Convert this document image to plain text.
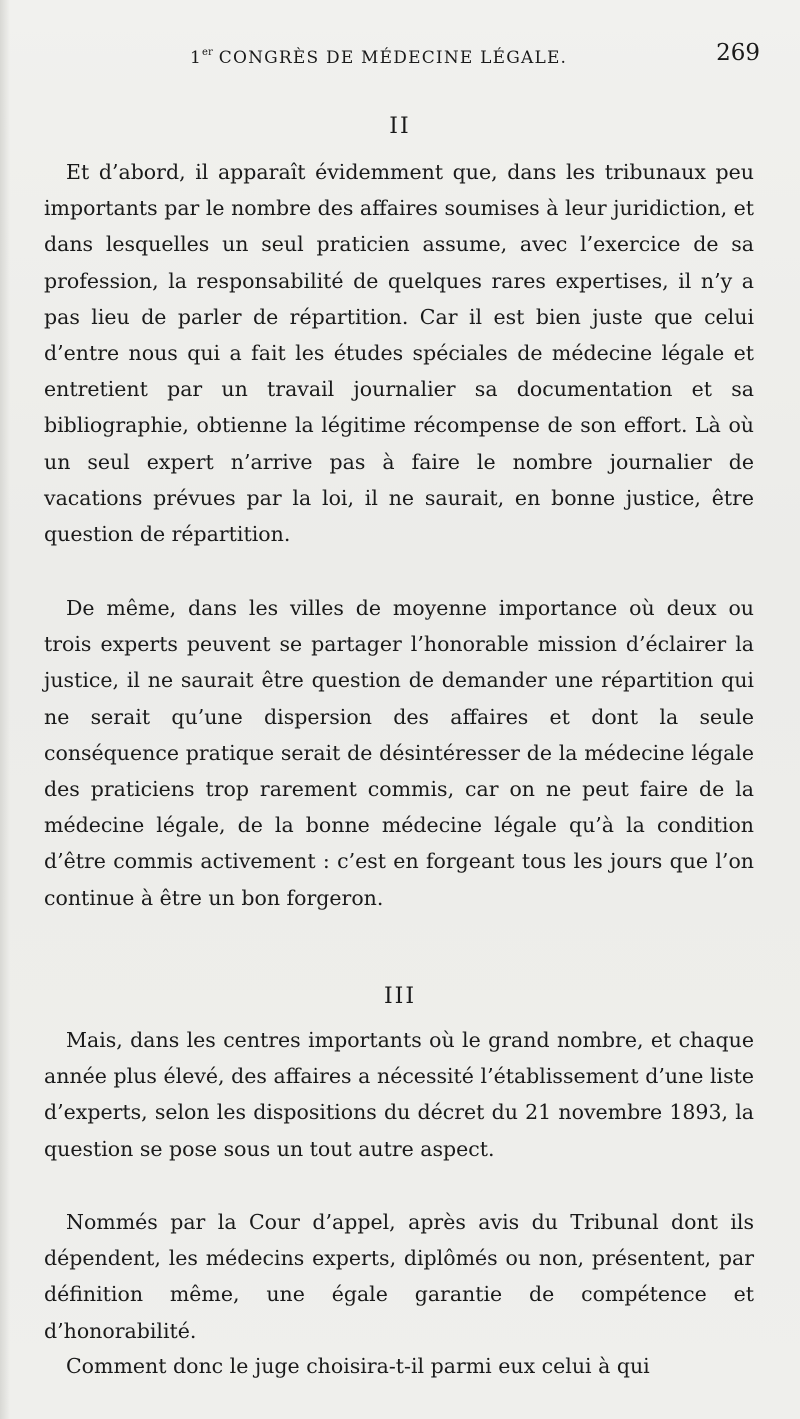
1er CONGRÈS DE MÉDECINE LÉGALE.	269
II

Et d’abord, il apparaît évidemment que, dans les tribunaux peu importants par le nombre des affaires soumises à leur juridiction, et dans lesquelles un seul praticien assume, avec l’exercice de sa profession, la responsabilité de quelques rares expertises, il n’y a pas lieu de parler de répartition. Car il est bien juste que celui d’entre nous qui a fait les études spéciales de médecine légale et entretient par un travail journalier sa documentation et sa bibliographie, obtienne la légitime récompense de son effort. Là où un seul expert n’arrive pas à faire le nombre journalier de vacations prévues par la loi, il ne saurait, en bonne justice, être question de répartition.

De même, dans les villes de moyenne importance où deux ou trois experts peuvent se partager l’honorable mission d’éclairer la justice, il ne saurait être question de demander une répartition qui ne serait qu’une dispersion des affaires et dont la seule conséquence pratique serait de désintéresser de la médecine légale des praticiens trop rarement commis, car on ne peut faire de la médecine légale, de la bonne médecine légale qu’à la condition d’être commis activement : c’est en forgeant tous les jours que l’on continue à être un bon forgeron.

III

Mais, dans les centres importants où le grand nombre, et chaque année plus élevé, des affaires a nécessité l’établissement d’une liste d’experts, selon les dispositions du décret du 21 novembre 1893, la question se pose sous un tout autre aspect.

Nommés par la Cour d’appel, après avis du Tribunal dont ils dépendent, les médecins experts, diplômés ou non, présentent, par définition même, une égale garantie de compétence et d’honorabilité.

Comment donc le juge choisira-t-il parmi eux celui à qui
